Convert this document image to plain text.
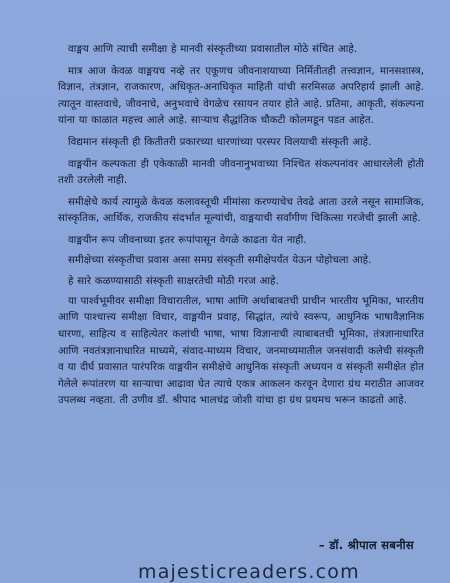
वाङ्मय आणि त्याची समीक्षा हे मानवी संस्कृतीच्या प्रवासातील मोठे संचित आहे.

मात्र आज केवळ वाङ्मयच नव्हे तर एकूणच जीवनाशयाच्या निर्मितीतही तत्त्वज्ञान, मानसशास्त्र, विज्ञान, तंत्रज्ञान, राजकारण, अधिकृत-अनाधिकृत माहिती यांची सरमिसळ अपरिहार्य झाली आहे. त्यातून वास्तवाचे, जीवनाचे, अनुभवाचे वेगळेच रसायन तयार होते आहे. प्रतिमा, आकृती, संकल्पना यांना या काळात महत्त्व आले आहे. साऱ्याच सैद्धांतिक चौकटी कोलमडून पडत आहेत.

विद्यमान संस्कृती ही कितीतरी प्रकारच्या धारणांच्या परस्पर विलयाची संस्कृती आहे.

वाङ्मयीन कल्पकता ही एकेकाळी मानवी जीवनानुभवाच्या निश्चित संकल्पनांवर आधारलेली होती तशी उरलेली नाही.

समीक्षेचे कार्य त्यामुळे केवळ कलावस्तूची मीमांसा करण्याचेच तेवढे आता उरले नसून सामाजिक, सांस्कृतिक, आर्थिक, राजकीय संदर्भात मूल्यांची, वाङ्मयाची सर्वांगीण चिकित्सा गरजेची झाली आहे.

वाङ्मयीन रूप जीवनाच्या इतर रूपांपासून वेगळे काढता येत नाही.

समीक्षेच्या संस्कृतीचा प्रवास असा समग्र संस्कृती समीक्षेपर्यंत येऊन पोहोचला आहे.

हे सारे कळण्यासाठी संस्कृती साक्षरतेची मोठी गरज आहे.

या पार्श्वभूमीवर समीक्षा विचारातील, भाषा आणि अर्थाबाबतची प्राचीन भारतीय भूमिका, भारतीय आणि पाश्चात्त्य समीक्षा विचार, वाङ्मयीन प्रवाह, सिद्धांत, त्यांचे स्वरूप, आधुनिक भाषावैज्ञानिक धारणा, साहित्य व साहित्येतर कलांची भाषा, भाषा विज्ञानाची त्याबाबतची भूमिका, तंत्रज्ञानाधारित आणि नवतंत्रज्ञानाधारित माध्यमे, संवाद-माध्यम विचार, जनमाध्यमातील जनसंवादी कलेची संस्कृती व या दीर्घ प्रवासात पारंपरिक वाङ्मयीन समीक्षेचे आधुनिक संस्कृती अध्ययन व संस्कृती समीक्षेत होत गेलेले रूपांतरण या साऱ्याचा आढावा घेत त्याचे एकत्र आकलन करवून देणारा ग्रंथ मराठीत आजवर उपलब्ध नव्हता. ती उणीव डॉ. श्रीपाद भालचंद्र जोशी यांचा हा ग्रंथ प्रथमच भरून काढतो आहे.

– डॉ. श्रीपाल सबनीस
majesticreaders.com
